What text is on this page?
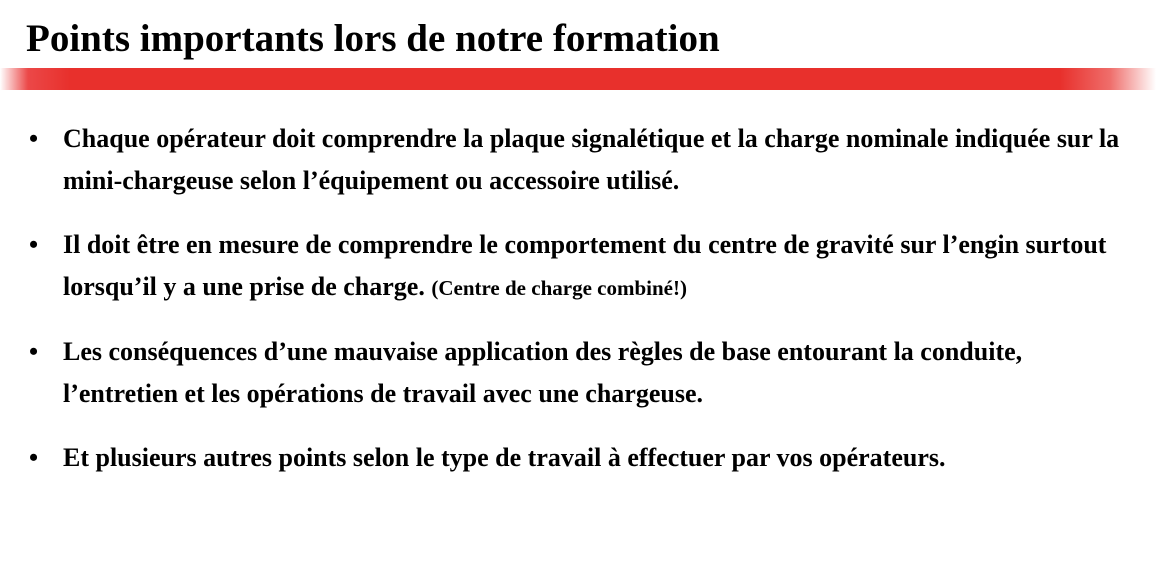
Points importants lors de notre formation
• Chaque opérateur doit comprendre la plaque signalétique et la charge nominale indiquée sur la mini-chargeuse selon l’équipement ou accessoire utilisé.
• Il doit être en mesure de comprendre le comportement du centre de gravité sur l’engin surtout lorsqu’il y a une prise de charge. (Centre de charge combiné!)
• Les conséquences d’une mauvaise application des règles de base entourant la conduite, l’entretien et les opérations de travail avec une chargeuse.
• Et plusieurs autres points selon le type de travail à effectuer par vos opérateurs.
